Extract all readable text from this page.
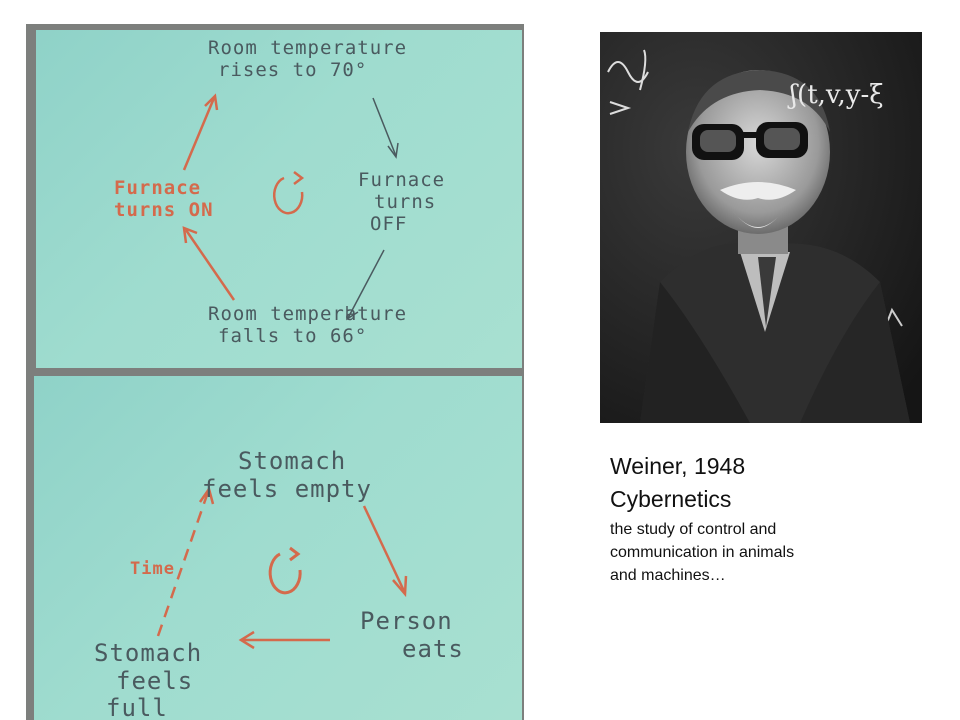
Room temperature
rises to 70°
Furnace
turns
OFF
Room temperature
falls to 66°
Furnace
turns ON
Stomach
feels empty
Person
eats
Stomach
feels
full
Time
ʃ(t,v,y-ξ
Weiner, 1948
Cybernetics
the study of control and
communication in animals
and machines…
